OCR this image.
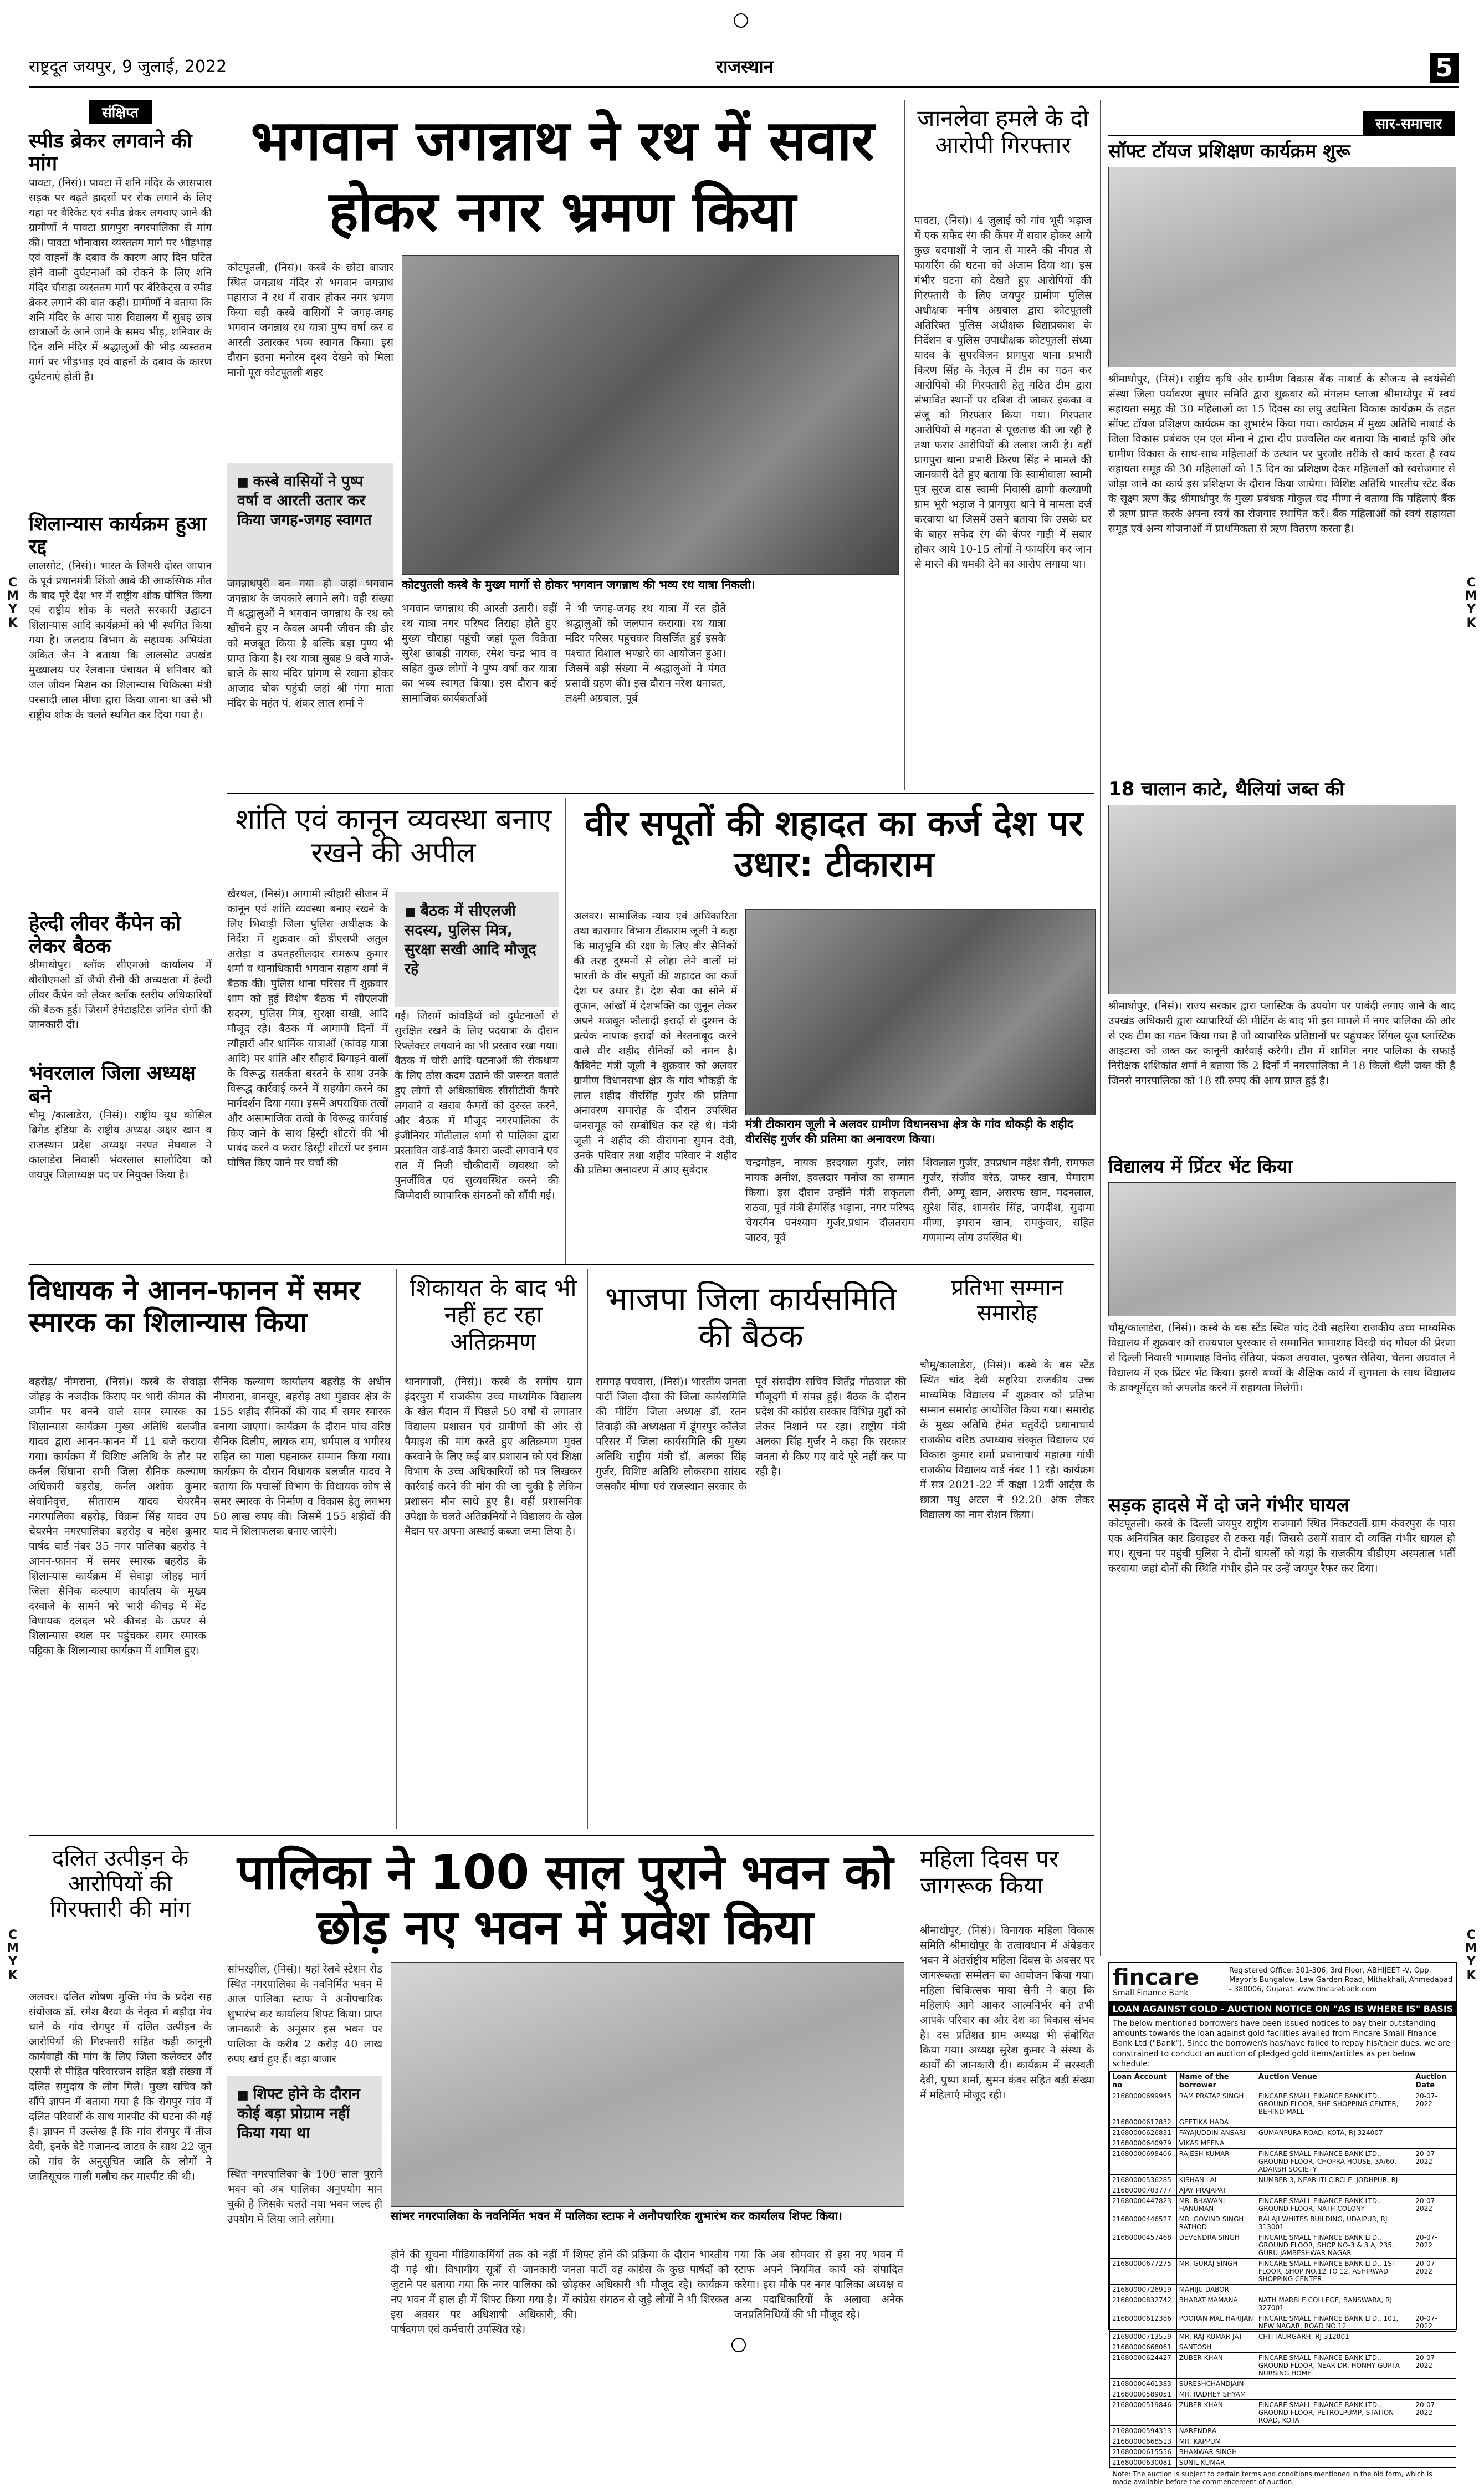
राष्ट्रदूत जयपुर, 9 जुलाई, 2022	राजस्थान	5
संक्षिप्त
स्पीड ब्रेकर लगवाने की मांग
पावटा, (निसं)। पावटा में शनि मंदिर के आसपास सड़क पर बढ़ते हादसों पर रोक लगाने के लिए यहां पर बैरिकेट एवं स्पीड ब्रेकर लगवाए जाने की ग्रामीणों ने पावटा प्रागपुरा नगरपालिका से मांग की। पावटा भोनावास व्यस्ततम मार्ग पर भीड़भाड़ एवं वाहनों के दबाव के कारण आए दिन घटित होने वाली दुर्घटनाओं को रोकने के लिए शनि मंदिर चौराहा व्यस्ततम मार्ग पर बेरिकेट्स व स्पीड ब्रेकर लगाने की बात कही। ग्रामीणों ने बताया कि शनि मंदिर के आस पास विद्यालय में सुबह छात्र छात्राओं के आने जाने के समय भीड़, शनिवार के दिन शनि मंदिर में श्रद्धालुओं की भीड़ व्यस्ततम मार्ग पर भीड़भाड़ एवं वाहनों के दबाव के कारण दुर्घटनाएं होती है।
शिलान्यास कार्यक्रम हुआ रद्द
लालसोट, (निसं)। भारत के जिगरी दोस्त जापान के पूर्व प्रधानमंत्री शिंजो आबे की आकस्मिक मौत के बाद पूरे देश भर में राष्ट्रीय शोक घोषित किया एवं राष्ट्रीय शोक के चलते सरकारी उद्घाटन शिलान्यास आदि कार्यक्रमों को भी स्थगित किया गया है। जलदाय विभाग के सहायक अभियंता अकित जैन ने बताया कि लालसोट उपखंड मुख्यालय पर रेलवाना पंचायत में शनिवार को जल जीवन मिशन का शिलान्यास चिकित्सा मंत्री परसादी लाल मीणा द्वारा किया जाना था उसे भी राष्ट्रीय शोक के चलते स्थगित कर दिया गया है।
हेल्दी लीवर कैंपेन को लेकर बैठक
श्रीमाधोपुर। ब्लॉक सीएमओ कार्यालय में बीसीएमओ डॉ जैची सैनी की अध्यक्षता में हेल्दी लीवर कैंपेन को लेकर ब्लॉक स्तरीय अधिकारियों की बैठक हुई। जिसमें हेपेटाइटिस जनित रोगों की जानकारी दी।
भंवरलाल जिला अध्यक्ष बने
चौमू /कालाडेरा, (निसं)। राष्ट्रीय यूथ कोसिल ब्रिगेड इंडिया के राष्ट्रीय अध्यक्ष अक्षर खान व राजस्थान प्रदेश अध्यक्ष नरपत मेघवाल ने कालाडेरा निवासी भंवरलाल सालोदिया को जयपुर जिलाध्यक्ष पद पर नियुक्त किया है।
भगवान जगन्नाथ ने रथ में सवार होकर नगर भ्रमण किया
कोटपूतली, (निसं)। कस्बे के छोटा बाजार स्थित जगन्नाथ मंदिर से भगवान जगन्नाथ महाराज ने रथ में सवार होकर नगर भ्रमण किया वही कस्बे वासियों ने जगह-जगह भगवान जगन्नाथ रथ यात्रा पुष्प वर्षा कर व आरती उतारकर भव्य स्वागत किया। इस दौरान इतना मनोरम दृश्य देखने को मिला मानो पूरा कोटपूतली शहर
■ कस्बे वासियों ने पुष्प वर्षा व आरती उतार कर किया जगह-जगह स्वागत
जगन्नाथपुरी बन गया हो जहां भगवान जगन्नाथ के जयकारे लगाने लगे। वही संख्या में श्रद्धालुओं ने भगवान जगन्नाथ के रथ को खींचने हुए न केवल अपनी जीवन की डोर को मजबूत किया है बल्कि बड़ा पुण्य भी प्राप्त किया है। रथ यात्रा सुबह 9 बजे गाजे-बाजे के साथ मंदिर प्रांगण से रवाना होकर आजाद चौक पहुंची जहां श्री गंगा माता मंदिर के महंत पं. शंकर लाल शर्मा ने
कोटपुतली कस्बे के मुख्य मार्गो से होकर भगवान जगन्नाथ की भव्य रथ यात्रा निकली।
भगवान जगन्नाथ की आरती उतारी। वहीं रथ यात्रा नगर परिषद तिराहा होते हुए मुख्य चौराहा पहुंची जहां फूल विक्रेता सुरेश छाबड़ी नायक, रमेश चन्द्र भाव व सहित कुछ लोगों ने पुष्प वर्षा कर यात्रा का भव्य स्वागत किया। इस दौरान कई सामाजिक कार्यकर्ताओं
ने भी जगह-जगह रथ यात्रा में रत होते श्रद्धालुओं को जलपान कराया। रथ यात्रा मंदिर परिसर पहुंचकर विसर्जित हुई इसके पश्चात विशाल भण्डारे का आयोजन हुआ। जिसमें बड़ी संख्या में श्रद्धालुओं ने पंगत प्रसादी ग्रहण की। इस दौरान नरेश धनावत, लक्ष्मी अग्रवाल, पूर्व
जानलेवा हमले के दो आरोपी गिरफ्तार
पावटा, (निसं)। 4 जुलाई को गांव भूरी भड़ाज में एक सफेद रंग की केंपर में सवार होकर आये कुछ बदमाशों ने जान से मारने की नीयत से फायरिंग की घटना को अंजाम दिया था। इस गंभीर घटना को देखते हुए आरोपियों की गिरफ्तारी के लिए जयपुर ग्रामीण पुलिस अधीक्षक मनीष अग्रवाल द्वारा कोटपूतली अतिरिक्त पुलिस अधीक्षक विद्याप्रकाश के निर्देशन व पुलिस उपाधीक्षक कोटपूतली संध्या यादव के सुपरविजन प्रागपुरा थाना प्रभारी किरण सिंह के नेतृत्व में टीम का गठन कर आरोपियों की गिरफ्तारी हेतु गठित टीम द्वारा संभावित स्थानों पर दबिश दी जाकर इकका व संजू को गिरफ्तार किया गया। गिरफ्तार आरोपियों से गहनता से पूछताछ की जा रही है तथा फरार आरोपियों की तलाश जारी है। वहीं प्रागपुरा थाना प्रभारी किरण सिंह ने मामले की जानकारी देते हुए बताया कि स्वामीवाला स्वामी पुत्र सुरज दास स्वामी निवासी ढाणी कल्याणी ग्राम भूरी भड़ाज ने प्रागपुरा थाने में मामला दर्ज करवाया था जिसमें उसने बताया कि उसके घर के बाहर सफेद रंग की केंपर गाड़ी में सवार होकर आये 10-15 लोगों ने फायरिंग कर जान से मारने की धमकी देने का आरोप लगाया था।
सार-समाचार
सॉफ्ट टॉयज प्रशिक्षण कार्यक्रम शुरू
श्रीमाधोपुर, (निसं)। राष्ट्रीय कृषि और ग्रामीण विकास बैंक नाबार्ड के सौजन्य से स्वयंसेवी संस्था जिला पर्यावरण सुधार समिति द्वारा शुक्रवार को मंगलम प्लाजा श्रीमाधोपुर में स्वयं सहायता समूह की 30 महिलाओं का 15 दिवस का लघु उद्यमिता विकास कार्यक्रम के तहत सॉफ्ट टॉयज प्रशिक्षण कार्यक्रम का शुभारंभ किया गया। कार्यक्रम में मुख्य अतिथि नाबार्ड के जिला विकास प्रबंधक एम एल मीना ने द्वारा दीप प्रज्वलित कर बताया कि नाबार्ड कृषि और ग्रामीण विकास के साथ-साथ महिलाओं के उत्थान पर पुरजोर तरीके से कार्य करता है स्वयं सहायता समूह की 30 महिलाओं को 15 दिन का प्रशिक्षण देकर महिलाओं को स्वरोजगार से जोड़ा जाने का कार्य इस प्रशिक्षण के दौरान किया जायेगा। विशिष्ट अतिथि भारतीय स्टेट बैंक के सूक्ष्म ऋण केंद्र श्रीमाधोपुर के मुख्य प्रबंधक गोकुल चंद मीणा ने बताया कि महिलाएं बैंक से ऋण प्राप्त करके अपना स्वयं का रोजगार स्थापित करें। बैंक महिलाओं को स्वयं सहायता समूह एवं अन्य योजनाओं में प्राथमिकता से ऋण वितरण करता है।
18 चालान काटे, थैलियां जब्त की
श्रीमाधोपुर, (निसं)। राज्य सरकार द्वारा प्लास्टिक के उपयोग पर पाबंदी लगाए जाने के बाद उपखंड अधिकारी द्वारा व्यापारियों की मीटिंग के बाद भी इस मामले में नगर पालिका की ओर से एक टीम का गठन किया गया है जो व्यापारिक प्रतिष्ठानों पर पहुंचकर सिंगल यूज प्लास्टिक आइटम्स को जब्त कर कानूनी कार्रवाई करेगी। टीम में शामिल नगर पालिका के सफाई निरीक्षक शशिकांत शर्मा ने बताया कि 2 दिनों में नगरपालिका ने 18 किलो थैली जब्त की है जिनसे नगरपालिका को 18 सौ रुपए की आय प्राप्त हुई है।
विद्यालय में प्रिंटर भेंट किया
चौमू/कालाडेरा, (निसं)। कस्बे के बस स्टैंड स्थित चांद देवी सहरिया राजकीय उच्च माध्यमिक विद्यालय में शुक्रवार को राज्यपाल पुरस्कार से सम्मानित भामाशाह विरदी चंद गोयल की प्रेरणा से दिल्ली निवासी भामाशाह विनोद सेतिया, पंकज अग्रवाल, पुरुषत सेतिया, चेतना अग्रवाल ने विद्यालय में एक प्रिंटर भेंट किया। इससे बच्चों के शैक्षिक कार्य में सुगमता के साथ विद्यालय के डाक्यूमेंट्स को अपलोड करने में सहायता मिलेगी।
सड़क हादसे में दो जने गंभीर घायल
कोटपूतली। कस्बे के दिल्ली जयपुर राष्ट्रीय राजमार्ग स्थित निकटवर्ती ग्राम कंवरपुरा के पास एक अनियंत्रित कार डिवाइडर से टकरा गई। जिससे उसमें सवार दो व्यक्ति गंभीर घायल हो गए। सूचना पर पहुंची पुलिस ने दोनों घायलों को यहां के राजकीय बीडीएम अस्पताल भर्ती करवाया जहां दोनों की स्थिति गंभीर होने पर उन्हें जयपुर रैफर कर दिया।
शांति एवं कानून व्यवस्था बनाए रखने की अपील
खैरथल, (निसं)। आगामी त्यौहारी सीजन में कानून एवं शांति व्यवस्था बनाए रखने के लिए भिवाड़ी जिला पुलिस अधीक्षक के निर्देश में शुक्रवार को डीएसपी अतुल अरोड़ा व उपतहसीलदार रामरूप कुमार शर्मा व थानाधिकारी भगवान सहाय शर्मा ने बैठक की। पुलिस थाना परिसर में शुक्रवार शाम को हुई विशेष बैठक में सीएलजी सदस्य, पुलिस मित्र, सुरक्षा सखी, आदि मौजूद रहे। बैठक में आगामी दिनों में त्यौहारों और धार्मिक यात्राओं (कांवड़ यात्रा आदि) पर शांति और सौहार्द बिगाड़ने वालों के विरूद्ध सतर्कता बरतने के साथ उनके विरूद्ध कार्रवाई करने में सहयोग करने का मार्गदर्शन दिया गया। इसमें अपराधिक तत्वों और असामाजिक तत्वों के विरूद्ध कार्रवाई किए जाने के साथ हिस्ट्री शीटरों की भी पाबंद करने व फरार हिस्ट्री शीटरों पर इनाम घोषित किए जाने पर चर्चा की
■ बैठक में सीएलजी सदस्य, पुलिस मित्र, सुरक्षा सखी आदि मौजूद रहे
गई। जिसमें कांवड़ियों को दुर्घटनाओं से सुरक्षित रखने के लिए पदयात्रा के दौरान रिफ्लेक्टर लगवाने का भी प्रस्ताव रखा गया। बैठक में चोरी आदि घटनाओं की रोकथाम के लिए ठोस कदम उठाने की जरूरत बताते हुए लोगों से अधिकाधिक सीसीटीवी कैमरे लगवाने व खराब कैमरों को दुरुस्त करने, और बैठक में मौजूद नगरपालिका के इंजीनियर मोतीलाल शर्मा से पालिका द्वारा प्रस्तावित वार्ड-वार्ड कैमरा जल्दी लगवाने एवं रात में निजी चौकीदारों व्यवस्था को पुनर्जीवित एवं सुव्यवस्थित करने की जिम्मेदारी व्यापारिक संगठनों को सौंपी गई।
वीर सपूतों की शहादत का कर्ज देश पर उधार: टीकाराम
अलवर। सामाजिक न्याय एवं अधिकारिता तथा कारागार विभाग टीकाराम जूली ने कहा कि मातृभूमि की रक्षा के लिए वीर सैनिकों की तरह दुश्मनों से लोहा लेने वालों मां भारती के वीर सपूतों की शहादत का कर्ज देश पर उधार है। देश सेवा का सोने में तूफान, आंखों में देशभक्ति का जुनून लेकर अपने मजबूत फौलादी इरादों से दुश्मन के प्रत्येक नापाक इरादों को नेस्तनाबूद करने वाले वीर शहीद सैनिकों को नमन है। कैबिनेट मंत्री जूली ने शुक्रवार को अलवर ग्रामीण विधानसभा क्षेत्र के गांव भोकड़ी के लाल शहीद वीरसिंह गुर्जर की प्रतिमा अनावरण समारोह के दौरान उपस्थित जनसमूह को सम्बोधित कर रहे थे। मंत्री जूली ने शहीद की वीरांगना सुमन देवी, उनके परिवार तथा शहीद परिवार ने शहीद की प्रतिमा अनावरण में आए सुबेदार
मंत्री टीकाराम जूली ने अलवर ग्रामीण विधानसभा क्षेत्र के गांव धोकड़ी के शहीद वीरसिंह गुर्जर की प्रतिमा का अनावरण किया।
चन्द्रमोहन, नायक हरदयाल गुर्जर, लांस नायक अनीश, हवलदार मनोज का सम्मान किया। इस दौरान उन्होंने मंत्री सकृतला राठवा, पूर्व मंत्री हेमसिंह भड़ाना, नगर परिषद चेयरमैन घनश्याम गुर्जर,प्रधान दौलतराम जाटव, पूर्व
शिवलाल गुर्जर, उपप्रधान महेश सैनी, रामफल गुर्जर, संजीव बरेठ, जफर खान, पेमाराम सैनी, अम्मू खान, असरफ खान, मदनलाल, सुरेश सिंह, शामसेर सिंह, जगदीश, सुदामा मीणा, इमरान खान, रामकुंवार, सहित गणमान्य लोग उपस्थित थे।
विधायक ने आनन-फानन में समर स्मारक का शिलान्यास किया
बहरोड़/ नीमराना, (निसं)। कस्बे के सेवाड़ा जोहड़ के नजदीक किराए पर भारी कीमत की जमीन पर बनने वाले समर स्मारक का शिलान्यास कार्यक्रम मुख्य अतिथि बलजीत यादव द्वारा आनन-फानन में 11 बजे कराया गया। कार्यक्रम में विशिष्ट अतिथि के तौर पर कर्नल सिंघाना सभी जिला सैनिक कल्याण अधिकारी बहरोड, कर्नल अशोक कुमार सेवानिवृत्त, सीताराम यादव चेयरमैन नगरपालिका बहरोड़, विक्रम सिंह यादव उप चेयरमैन नगरपालिका बहरोड़ व महेश कुमार पार्षद वार्ड नंबर 35 नगर पालिका बहरोड़ ने आनन-फानन में समर स्मारक बहरोड़ के शिलान्यास कार्यक्रम में सेवाड़ा जोहड़ मार्ग जिला सैनिक कल्याण कार्यालय के मुख्य दरवाजे के सामने भरे भारी कीचड़ में मेंट विधायक दलदल भरे कीचड़ के ऊपर से शिलान्यास स्थल पर पहुंचकर समर स्मारक पट्टिका के शिलान्यास कार्यक्रम में शामिल हुए।
सैनिक कल्याण कार्यालय बहरोड़ के अधीन नीमराना, बानसूर, बहरोड़ तथा मुंडावर क्षेत्र के 155 शहीद सैनिकों की याद में समर स्मारक बनाया जाएगा। कार्यक्रम के दौरान पांच वरिष्ठ सैनिक दिलीप, लायक राम, धर्मपाल व भगीरथ सहित का माला पहनाकर सम्मान किया गया। कार्यक्रम के दौरान विधायक बलजीत यादव ने बताया कि पचासों विभाग के विधायक कोष से समर स्मारक के निर्माण व विकास हेतु लगभग 50 लाख रुपए की। जिसमें 155 शहीदों की याद में शिलाफलक बनाए जाएंगे।
शिकायत के बाद भी नहीं हट रहा अतिक्रमण
थानागाजी, (निसं)। कस्बे के समीप ग्राम इंदरपुरा में राजकीय उच्च माध्यमिक विद्यालय के खेल मैदान में पिछले 50 वर्षों से लगातार विद्यालय प्रशासन एवं ग्रामीणों की ओर से पैमाइश की मांग करते हुए अतिक्रमण मुक्त करवाने के लिए कई बार प्रशासन को एवं शिक्षा विभाग के उच्च अधिकारियों को पत्र लिखकर कार्रवाई करने की मांग की जा चुकी है लेकिन प्रशासन मौन साधे हुए है। वहीं प्रशासनिक उपेक्षा के चलते अतिक्रमियों ने विद्यालय के खेल मैदान पर अपना अस्थाई कब्जा जमा लिया है।
भाजपा जिला कार्यसमिति की बैठक
रामगढ़ पचवारा, (निसं)। भारतीय जनता पार्टी जिला दौसा की जिला कार्यसमिति की मीटिंग जिला अध्यक्ष डॉ. रतन तिवाड़ी की अध्यक्षता में डूंगरपुर कॉलेज परिसर में जिला कार्यसमिति की मुख्य अतिथि राष्ट्रीय मंत्री डॉ. अलका सिंह गुर्जर, विशिष्ट अतिथि लोकसभा सांसद जसकौर मीणा एवं राजस्थान सरकार के पूर्व संसदीय सचिव जितेंद्र गोठवाल की मौजूदगी में संपन्न हुई। बैठक के दौरान प्रदेश की कांग्रेस सरकार विभिन्न मुद्दों को लेकर निशाने पर रहा। राष्ट्रीय मंत्री अलका सिंह गुर्जर ने कहा कि सरकार जनता से किए गए वादे पूरे नहीं कर पा रही है।
प्रतिभा सम्मान समारोह
चौमू/कालाडेरा, (निसं)। कस्बे के बस स्टैंड स्थित चांद देवी सहरिया राजकीय उच्च माध्यमिक विद्यालय में शुक्रवार को प्रतिभा सम्मान समारोह आयोजित किया गया। समारोह के मुख्य अतिथि हेमंत चतुर्वेदी प्रधानाचार्य राजकीय वरिष्ठ उपाध्याय संस्कृत विद्यालय एवं विकास कुमार शर्मा प्रधानाचार्य महात्मा गांधी राजकीय विद्यालय वार्ड नंबर 11 रहे। कार्यक्रम में सत्र 2021-22 में कक्षा 12वीं आर्ट्स के छात्रा मधु अटल ने 92.20 अंक लेकर विद्यालय का नाम रोशन किया।
दलित उत्पीड़न के आरोपियों की गिरफ्तारी की मांग
अलवर। दलित शोषण मुक्ति मंच के प्रदेश सह संयोजक डॉ. रमेश बैरवा के नेतृत्व में बड़ौदा मेव थाने के गांव रोगपुर में दलित उत्पीड़न के आरोपियों की गिरफ्तारी सहित कड़ी कानूनी कार्यवाही की मांग के लिए जिला कलेक्टर और एसपी से पीड़ित परिवारजन सहित बड़ी संख्या में दलित समुदाय के लोग मिले। मुख्य सचिव को सौंपे ज्ञापन में बताया गया है कि रोगपुर गांव में दलित परिवारों के साथ मारपीट की घटना की गई है। ज्ञापन में उल्लेख है कि गांव रोगपुर में तीज देवी, इनके बेटे गजानन्द जाटव के साथ 22 जून को गांव के अनुसूचित जाति के लोगों ने जातिसूचक गाली गलौच कर मारपीट की थी।
पालिका ने 100 साल पुराने भवन को छोड़ नए भवन में प्रवेश किया
सांभरझील, (निसं)। यहां रेलवे स्टेशन रोड स्थित नगरपालिका के नवनिर्मित भवन में आज पालिका स्टाफ ने अनौपचारिक शुभारंभ कर कार्यालय शिफ्ट किया। प्राप्त जानकारी के अनुसार इस भवन पर पालिका के करीब 2 करोड़ 40 लाख रुपए खर्च हुए हैं। बड़ा बाजार
■ शिफ्ट होने के दौरान कोई बड़ा प्रोग्राम नहीं किया गया था
स्थित नगरपालिका के 100 साल पुराने भवन को अब पालिका अनुपयोग मान चुकी है जिसके चलते नया भवन जल्द ही उपयोग में लिया जाने लगेगा।	सांभर नगरपालिका के नवनिर्मित भवन में पालिका स्टाफ ने अनौपचारिक शुभारंभ कर कार्यालय शिफ्ट किया।
होने की सूचना मीडियाकर्मियों तक को नहीं दी गई थी। विभागीय सूत्रों से जानकारी जुटाने पर बताया गया कि नगर पालिका को नए भवन में हाल ही में शिफ्ट किया गया है। इस अवसर पर अधिशाषी अधिकारी, पार्षदगण एवं कर्मचारी उपस्थित रहे।
में शिफ्ट होने की प्रक्रिया के दौरान भारतीय जनता पार्टी वह कांग्रेस के कुछ पार्षदों को छोड़कर अधिकारी भी मौजूद रहे। कार्यक्रम में कांग्रेस संगठन से जुड़े लोगों ने भी शिरकत की।
गया कि अब सोमवार से इस नए भवन में स्टाफ अपने नियमित कार्य को संपादित करेगा। इस मौके पर नगर पालिका अध्यक्ष व अन्य पदाधिकारियों के अलावा अनेक जनप्रतिनिधियों की भी मौजूद रहे।
महिला दिवस पर जागरूक किया
श्रीमाधोपुर, (निसं)। विनायक महिला विकास समिति श्रीमाधोपुर के तत्वावधान में अंबेडकर भवन में अंतर्राष्ट्रीय महिला दिवस के अवसर पर जागरूकता सम्मेलन का आयोजन किया गया। महिला चिकित्सक माया सैनी ने कहा कि महिलाएं आगे आकर आत्मनिर्भर बने तभी आपके परिवार का और देश का विकास संभव है। दस प्रतिशत ग्राम अध्यक्ष भी संबोधित किया गया। अध्यक्ष सुरेश कुमार ने संस्था के कार्यों की जानकारी दी। कार्यक्रम में सरस्वती देवी, पुष्पा शर्मा, सुमन कंवर सहित बड़ी संख्या में महिलाएं मौजूद रही।
fincare
Small Finance Bank
Registered Office: 301-306, 3rd Floor, ABHIJEET -V, Opp. Mayor's Bungalow, Law Garden Road, Mithakhali, Ahmedabad - 380006, Gujarat. www.fincarebank.com
LOAN AGAINST GOLD - AUCTION NOTICE ON "AS IS WHERE IS" BASIS
The below mentioned borrowers have been issued notices to pay their outstanding amounts towards the loan against gold facilities availed from Fincare Small Finance Bank Ltd ("Bank"). Since the borrower/s has/have failed to repay his/their dues, we are constrained to conduct an auction of pledged gold items/articles as per below schedule:
Loan Account no	Name of the borrower	Auction Venue	Auction Date
21680000699945	RAM PRATAP SINGH	FINCARE SMALL FINANCE BANK LTD., GROUND FLOOR, SHE-SHOPPING CENTER, BEHIND MALL	20-07-2022
21680000617832	GEETIKA HADA		
21680000626831	FAYAJUDDIN ANSARI	GUMANPURA ROAD, KOTA, RJ 324007	
21680000640979	VIKAS MEENA		
21680000698406	RAJESH KUMAR	FINCARE SMALL FINANCE BANK LTD., GROUND FLOOR, CHOPRA HOUSE, 3A/60, ADARSH SOCIETY	20-07-2022
21680000536285	KISHAN LAL	NUMBER 3, NEAR ITI CIRCLE, JODHPUR, RJ	
21680000703777	AJAY PRAJAPAT		
21680000447823	MR. BHAWANI HANUMAN	FINCARE SMALL FINANCE BANK LTD., GROUND FLOOR, NATH COLONY	20-07-2022
21680000446527	MR. GOVIND SINGH RATHOD	BALAJI WHITES BUILDING, UDAIPUR, RJ 313001	
21680000457468	DEVENDRA SINGH	FINCARE SMALL FINANCE BANK LTD., GROUND FLOOR, SHOP NO-3 & 3 A, 235, GURU JAMBESHWAR NAGAR	20-07-2022
21680000677275	MR. GURAJ SINGH	FINCARE SMALL FINANCE BANK LTD., 1ST FLOOR, SHOP NO.12 TO 12, ASHIRWAD SHOPPING CENTER	20-07-2022
21680000726919	MAHIJU DABOR		
21680000832742	BHARAT MAMANA	NATH MARBLE COLLEGE, BANSWARA, RJ 327001	
21680000612386	POORAN MAL HARIJAN	FINCARE SMALL FINANCE BANK LTD., 101, NEW NAGAR, ROAD NO.12	20-07-2022
21680000713559	MR. RAJ KUMAR JAT	CHITTAURGARH, RJ 312001	
21680000668061	SANTOSH		
21680000624427	ZUBER KHAN	FINCARE SMALL FINANCE BANK LTD., GROUND FLOOR, NEAR DR. HONHY GUPTA NURSING HOME	20-07-2022
21680000461383	SURESHCHANDJAIN		
21680000589051	MR. RADHEY SHYAM		
21680000519846	ZUBER KHAN	FINCARE SMALL FINANCE BANK LTD., GROUND FLOOR, PETROLPUMP, STATION ROAD, KOTA	20-07-2022
21680000594313	NARENDRA		
21680000668513	MR. KAPPUM		
21680000615556	BHANWAR SINGH		
21680000630081	SUNIL KUMAR		
Note: The auction is subject to certain terms and conditions mentioned in the bid form, which is made available before the commencement of auction.
C
M
Y
K
C
M
Y
K
C
M
Y
K
C
M
Y
K
